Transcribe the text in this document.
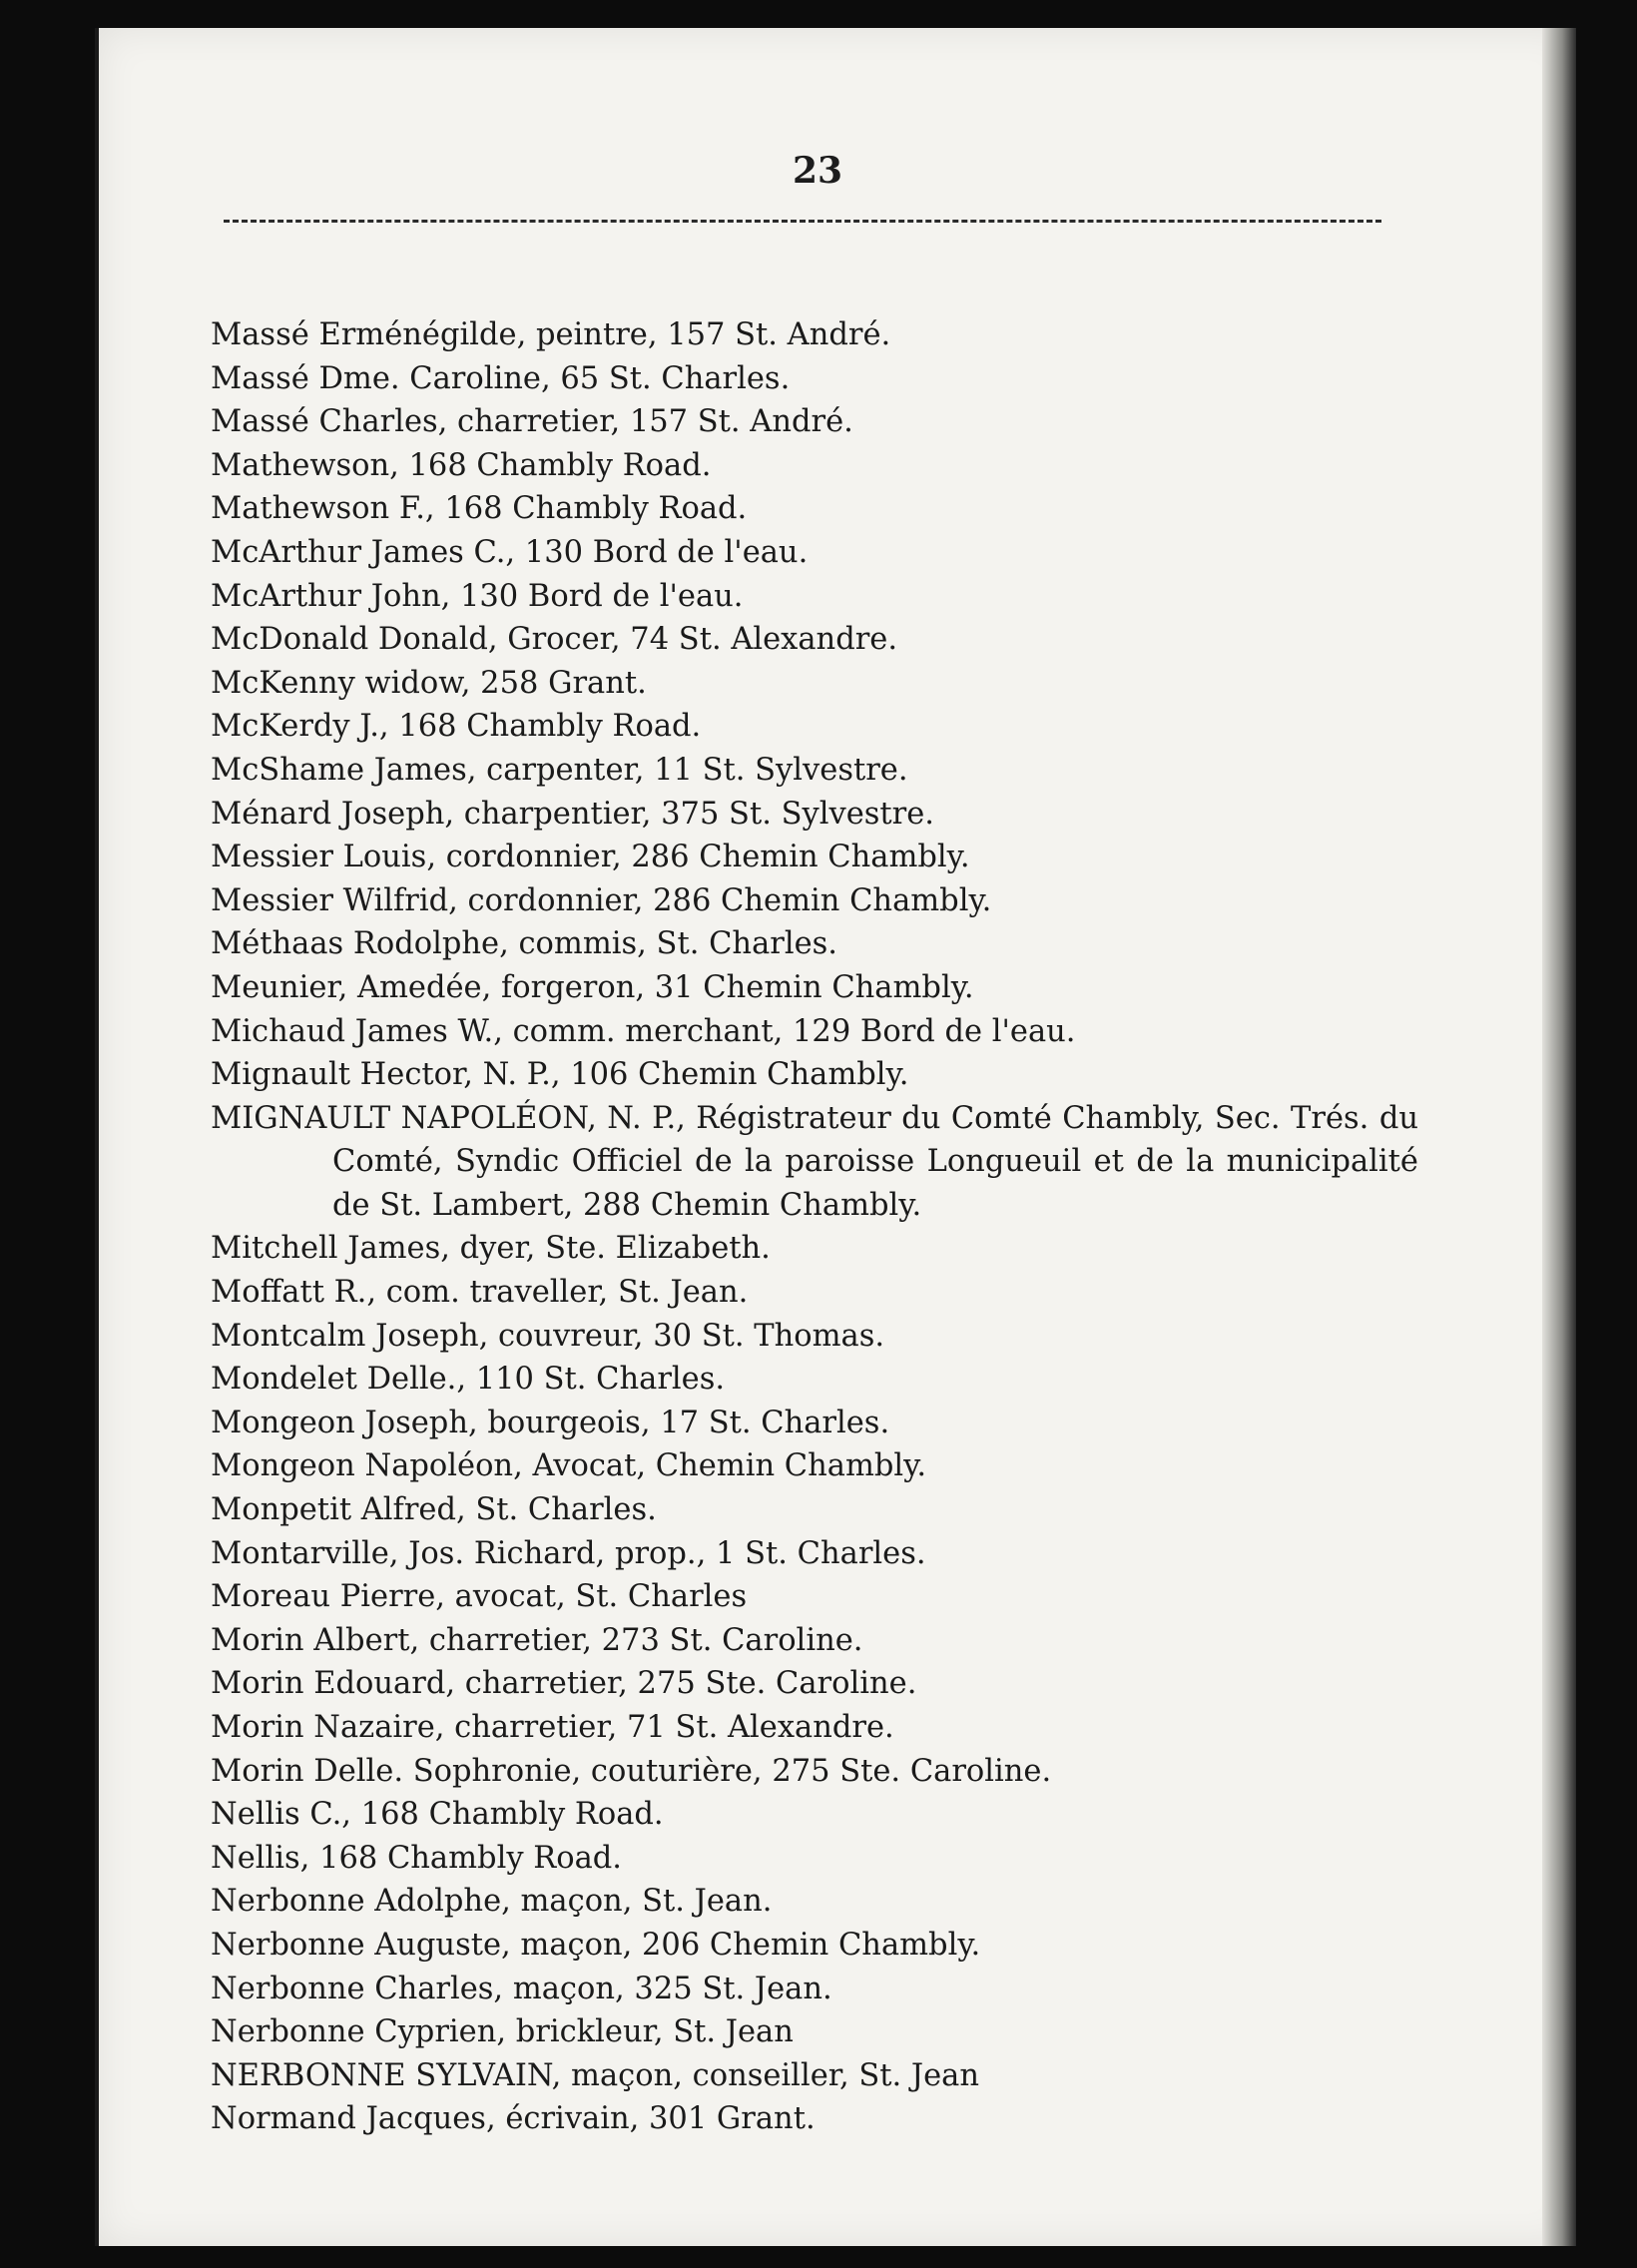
23
Massé Erménégilde, peintre, 157 St. André.
Massé Dme. Caroline, 65 St. Charles.
Massé Charles, charretier, 157 St. André.
Mathewson, 168 Chambly Road.
Mathewson F., 168 Chambly Road.
McArthur James C., 130 Bord de l'eau.
McArthur John, 130 Bord de l'eau.
McDonald Donald, Grocer, 74 St. Alexandre.
McKenny widow, 258 Grant.
McKerdy J., 168 Chambly Road.
McShame James, carpenter, 11 St. Sylvestre.
Ménard Joseph, charpentier, 375 St. Sylvestre.
Messier Louis, cordonnier, 286 Chemin Chambly.
Messier Wilfrid, cordonnier, 286 Chemin Chambly.
Méthaas Rodolphe, commis, St. Charles.
Meunier, Amedée, forgeron, 31 Chemin Chambly.
Michaud James W., comm. merchant, 129 Bord de l'eau.
Mignault Hector, N. P., 106 Chemin Chambly.
MIGNAULT NAPOLÉON, N. P., Régistrateur du Comté Chambly, Sec. Trés. du Comté, Syndic Officiel de la paroisse Longueuil et de la municipalité de St. Lambert, 288 Chemin Chambly.
Mitchell James, dyer, Ste. Elizabeth.
Moffatt R., com. traveller, St. Jean.
Montcalm Joseph, couvreur, 30 St. Thomas.
Mondelet Delle., 110 St. Charles.
Mongeon Joseph, bourgeois, 17 St. Charles.
Mongeon Napoléon, Avocat, Chemin Chambly.
Monpetit Alfred, St. Charles.
Montarville, Jos. Richard, prop., 1 St. Charles.
Moreau Pierre, avocat, St. Charles
Morin Albert, charretier, 273 St. Caroline.
Morin Edouard, charretier, 275 Ste. Caroline.
Morin Nazaire, charretier, 71 St. Alexandre.
Morin Delle. Sophronie, couturière, 275 Ste. Caroline.
Nellis C., 168 Chambly Road.
Nellis, 168 Chambly Road.
Nerbonne Adolphe, maçon, St. Jean.
Nerbonne Auguste, maçon, 206 Chemin Chambly.
Nerbonne Charles, maçon, 325 St. Jean.
Nerbonne Cyprien, brickleur, St. Jean
NERBONNE SYLVAIN, maçon, conseiller, St. Jean
Normand Jacques, écrivain, 301 Grant.
